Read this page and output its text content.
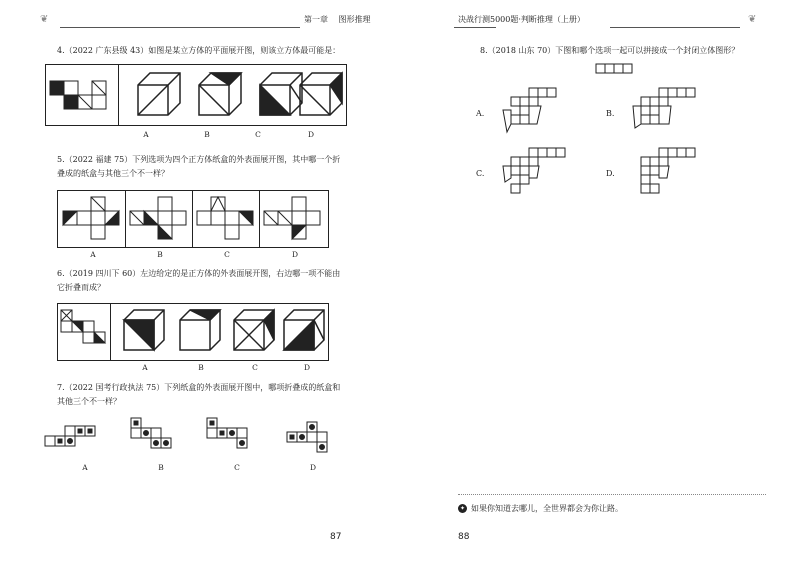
❦	第一章 图形推理
4.（2022 广东县级 43）如图是某立方体的平面展开图，则该立方体最可能是：
A	B	C	D
5.（2022 福建 75）下列选项为四个正方体纸盒的外表面展开图，其中哪一个折
叠成的纸盒与其他三个不一样？
A	B	C	D
6.（2019 四川下 60）左边给定的是正方体的外表面展开图，右边哪一项不能由
它折叠而成？
A	B	C	D
7.（2022 国考行政执法 75）下列纸盒的外表面展开图中，哪项折叠成的纸盒和
其他三个不一样？
A	B	C	D
87
决战行测5000题·判断推理（上册）	❦
8.（2018 山东 70）下图和哪个选项一起可以拼接成一个封闭立体图形？
A.	B.
C.	D.
✦ 如果你知道去哪儿，全世界都会为你让路。
88
